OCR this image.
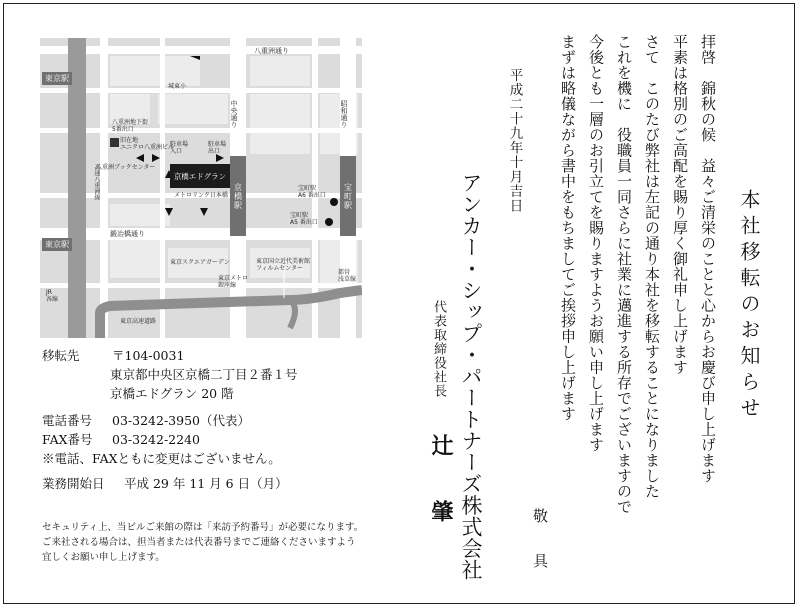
東京駅
東京駅
八重洲通り
中央通り	昭和通り
鍛冶橋通り
高速八重洲線
東京高速道路
城東小
八重洲地下街
5番出口
旧在地
ユニクロ八重洲ビル
八重洲ブックセンター
駐車場
入口
駐車場
出口
京橋エドグラン
メトロリンク日本橋 京橋駅	宝町駅
宝町駅
A6 番出口
宝町駅
A5 番出口
東京スクエアガーデン	東京国立近代美術館
フィルムセンター
東京メトロ
銀座線
都営
浅草線
JR
各線
移転先	〒104-0031
東京都中央区京橋二丁目２番１号
京橋エドグラン 20 階
電話番号	03-3242-3950（代表）
FAX番号	03-3242-2240
※電話、FAXともに変更はございません。
業務開始日	平成 29 年 11 月 6 日（月）
セキュリティ上、当ビルご来館の際は「来訪予約番号」が必要になります。
ご来社される場合は、担当者または代表番号までご連絡くださいますよう
宜しくお願い申し上げます。
本社移転のお知らせ
拝啓　錦秋の候　益々ご清栄のことと心からお慶び申し上げます
平素は格別のご高配を賜り厚く御礼申し上げます
さて　このたび弊社は左記の通り本社を移転することになりました
これを機に　役職員一同さらに社業に邁進する所存でございますので
今後とも一層のお引立てを賜りますようお願い申し上げます
まずは略儀ながら書中をもちましてご挨拶申し上げます
敬　　具
平成二十九年十月吉日
アンカー・シップ・パートナーズ株式会社
代表取締役社長
辻　　肇
